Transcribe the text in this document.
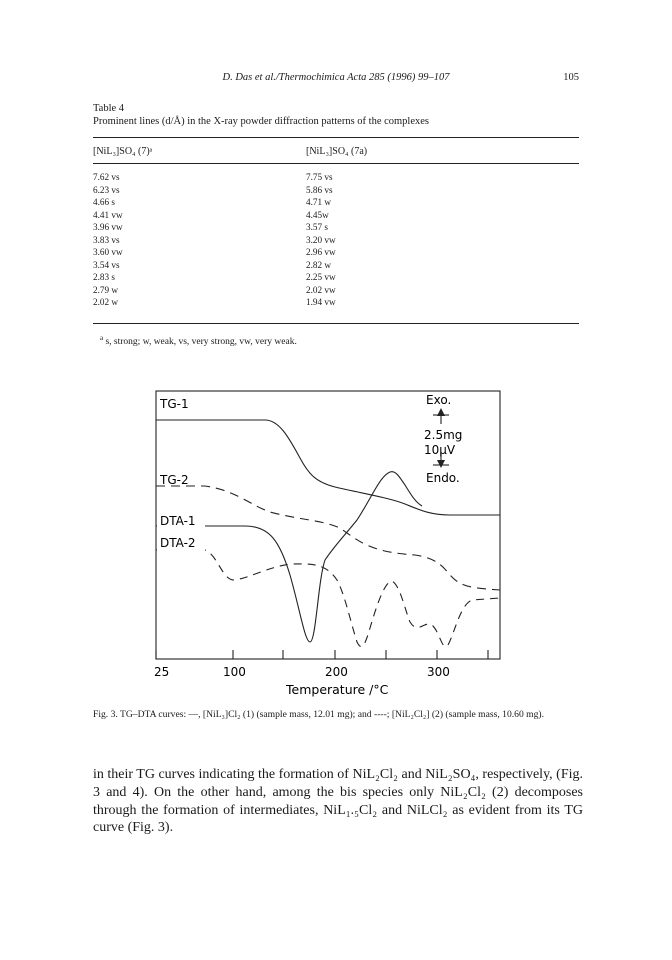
D. Das et al./Thermochimica Acta 285 (1996) 99–107	105
Table 4
Prominent lines (d/Å) in the X-ray powder diffraction patterns of the complexes
[NiL₃]SO₄ (7)ᵃ	[NiL₃]SO₄ (7a)
7.62 vs	7.75 vs
6.23 vs	5.86 vs
4.66 s	4.71 w
4.41 vw	4.45w
3.96 vw	3.57 s
3.83 vs	3.20 vw
3.60 vw	2.96 vw
3.54 vs	2.82 w
2.83 s	2.25 vw
2.79 w	2.02 vw
2.02 w	1.94 vw
$^a$ s, strong; w, weak, vs, very strong, vw, very weak.
TG-1
TG-2
DTA-1
DTA-2
Exo.
2.5mg
10µV
Endo.
25	100	200	300
Temperature /°C
Fig. 3. TG–DTA curves: —, [NiL₃]Cl₂ (1) (sample mass, 12.01 mg); and ----; [NiL₂Cl₂] (2) (sample mass, 10.60 mg).
in their TG curves indicating the formation of NiL₂Cl₂ and NiL₂SO₄, respectively, (Fig. 3 and 4). On the other hand, among the bis species only NiL₂Cl₂ (2) decomposes through the formation of intermediates, NiL₁.₅Cl₂ and NiLCl₂ as evident from its TG curve (Fig. 3).
